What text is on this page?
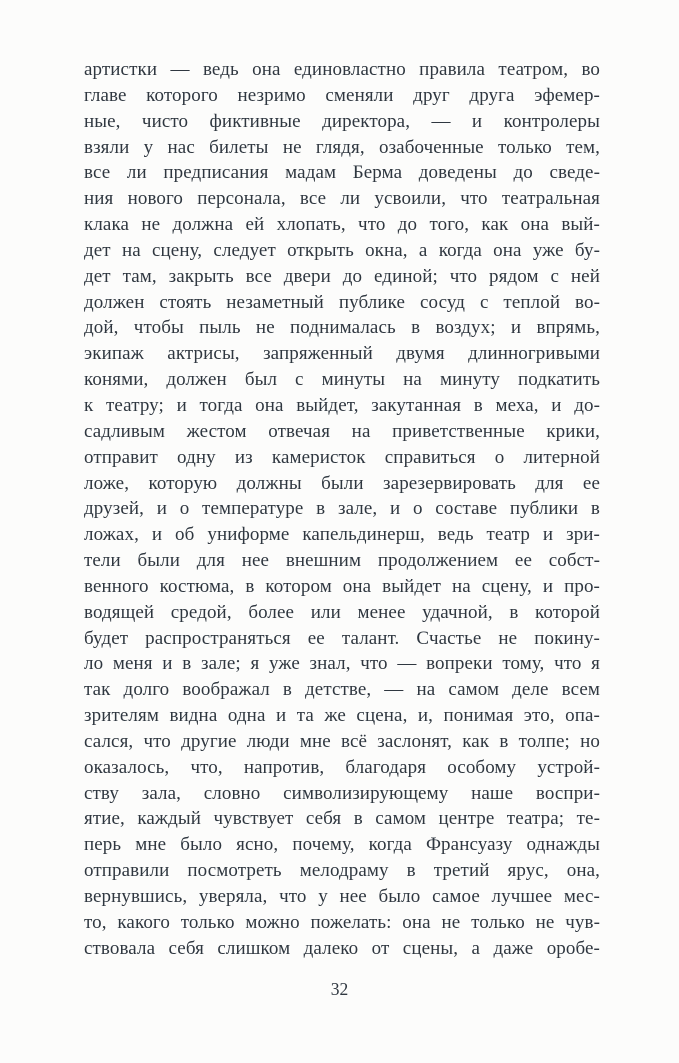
артистки — ведь она единовластно правила театром, во
главе которого незримо сменяли друг друга эфемер-
ные, чисто фиктивные директора, — и контролеры
взяли у нас билеты не глядя, озабоченные только тем,
все ли предписания мадам Берма доведены до сведе-
ния нового персонала, все ли усвоили, что театральная
клака не должна ей хлопать, что до того, как она вый-
дет на сцену, следует открыть окна, а когда она уже бу-
дет там, закрыть все двери до единой; что рядом с ней
должен стоять незаметный публике сосуд с теплой во-
дой, чтобы пыль не поднималась в воздух; и впрямь,
экипаж актрисы, запряженный двумя длинногривыми
конями, должен был с минуты на минуту подкатить
к театру; и тогда она выйдет, закутанная в меха, и до-
садливым жестом отвечая на приветственные крики,
отправит одну из камеристок справиться о литерной
ложе, которую должны были зарезервировать для ее
друзей, и о температуре в зале, и о составе публики в
ложах, и об униформе капельдинерш, ведь театр и зри-
тели были для нее внешним продолжением ее собст-
венного костюма, в котором она выйдет на сцену, и про-
водящей средой, более или менее удачной, в которой
будет распространяться ее талант. Счастье не покину-
ло меня и в зале; я уже знал, что — вопреки тому, что я
так долго воображал в детстве, — на самом деле всем
зрителям видна одна и та же сцена, и, понимая это, опа-
сался, что другие люди мне всё заслонят, как в толпе; но
оказалось, что, напротив, благодаря особому устрой-
ству зала, словно символизирующему наше воспри-
ятие, каждый чувствует себя в самом центре театра; те-
перь мне было ясно, почему, когда Франсуазу однажды
отправили посмотреть мелодраму в третий ярус, она,
вернувшись, уверяла, что у нее было самое лучшее мес-
то, какого только можно пожелать: она не только не чув-
ствовала себя слишком далеко от сцены, а даже оробе-
32
